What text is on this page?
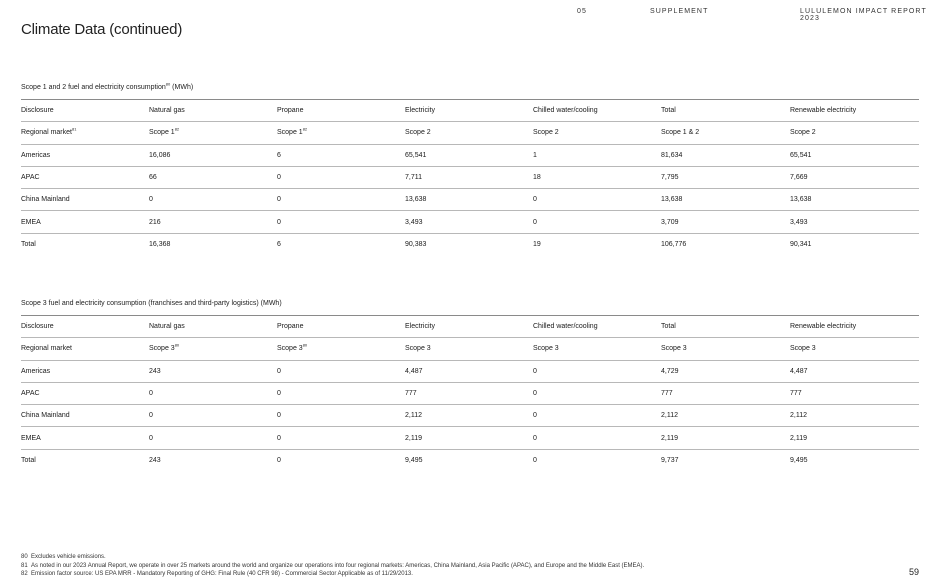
05	SUPPLEMENT	LULULEMON IMPACT REPORT 2023
Climate Data (continued)
Scope 1 and 2 fuel and electricity consumption$^{80}$ (MWh)
Disclosure	Natural gas	Propane	Electricity	Chilled water/cooling	Total	Renewable electricity
Regional market$^{81}$	Scope $1^{82}$	Scope $1^{82}$	Scope 2	Scope 2	Scope 1 & 2	Scope 2
Americas	16,086	6	65,541	1	81,634	65,541
APAC	66	0	7,711	18	7,795	7,669
China Mainland	0	0	13,638	0	13,638	13,638
EMEA	216	0	3,493	0	3,709	3,493
Total	16,368	6	90,383	19	106,776	90,341
Scope 3 fuel and electricity consumption (franchises and third-party logistics) (MWh)
Disclosure	Natural gas	Propane	Electricity	Chilled water/cooling	Total	Renewable electricity
Regional market	Scope $3^{80}$	Scope $3^{80}$	Scope 3	Scope 3	Scope 3	Scope 3
Americas	243	0	4,487	0	4,729	4,487
APAC	0	0	777	0	777	777
China Mainland	0	0	2,112	0	2,112	2,112
EMEA	0	0	2,119	0	2,119	2,119
Total	243	0	9,495	0	9,737	9,495
80 Excludes vehicle emissions.
81 As noted in our 2023 Annual Report, we operate in over 25 markets around the world and organize our operations into four regional markets: Americas, China Mainland, Asia Pacific (APAC), and Europe and the Middle East (EMEA).
82 Emission factor source: US EPA MRR - Mandatory Reporting of GHG: Final Rule (40 CFR 98) - Commercial Sector Applicable as of 11/29/2013.	59
